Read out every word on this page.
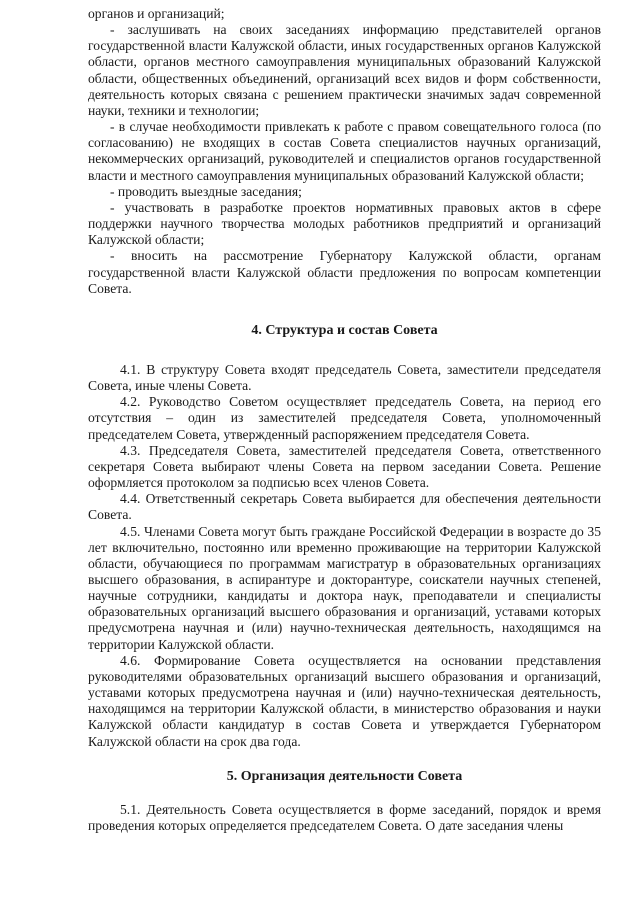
органов и организаций;

- заслушивать на своих заседаниях информацию представителей органов государственной власти Калужской области, иных государственных органов Калужской области, органов местного самоуправления муниципальных образований Калужской области, общественных объединений, организаций всех видов и форм собственности, деятельность которых связана с решением практически значимых задач современной науки, техники и технологии;

- в случае необходимости привлекать к работе с правом совещательного голоса (по согласованию) не входящих в состав Совета специалистов научных организаций, некоммерческих организаций, руководителей и специалистов органов государственной власти и местного самоуправления муниципальных образований Калужской области;

- проводить выездные заседания;

- участвовать в разработке проектов нормативных правовых актов в сфере поддержки научного творчества молодых работников предприятий и организаций Калужской области;

- вносить на рассмотрение Губернатору Калужской области, органам государственной власти Калужской области предложения по вопросам компетенции Совета.

4. Структура и состав Совета

4.1. В структуру Совета входят председатель Совета, заместители председателя Совета, иные члены Совета.

4.2. Руководство Советом осуществляет председатель Совета, на период его отсутствия – один из заместителей председателя Совета, уполномоченный председателем Совета, утвержденный распоряжением председателя Совета.

4.3. Председателя Совета, заместителей председателя Совета, ответственного секретаря Совета выбирают члены Совета на первом заседании Совета. Решение оформляется протоколом за подписью всех членов Совета.

4.4. Ответственный секретарь Совета выбирается для обеспечения деятельности Совета.

4.5. Членами Совета могут быть граждане Российской Федерации в возрасте до 35 лет включительно, постоянно или временно проживающие на территории Калужской области, обучающиеся по программам магистратур в образовательных организациях высшего образования, в аспирантуре и докторантуре, соискатели научных степеней, научные сотрудники, кандидаты и доктора наук, преподаватели и специалисты образовательных организаций высшего образования и организаций, уставами которых предусмотрена научная и (или) научно-техническая деятельность, находящимся на территории Калужской области.

4.6. Формирование Совета осуществляется на основании представления руководителями образовательных организаций высшего образования и организаций, уставами которых предусмотрена научная и (или) научно-техническая деятельность, находящимся на территории Калужской области, в министерство образования и науки Калужской области кандидатур в состав Совета и утверждается Губернатором Калужской области на срок два года.

5. Организация деятельности Совета

5.1. Деятельность Совета осуществляется в форме заседаний, порядок и время проведения которых определяется председателем Совета. О дате заседания члены
